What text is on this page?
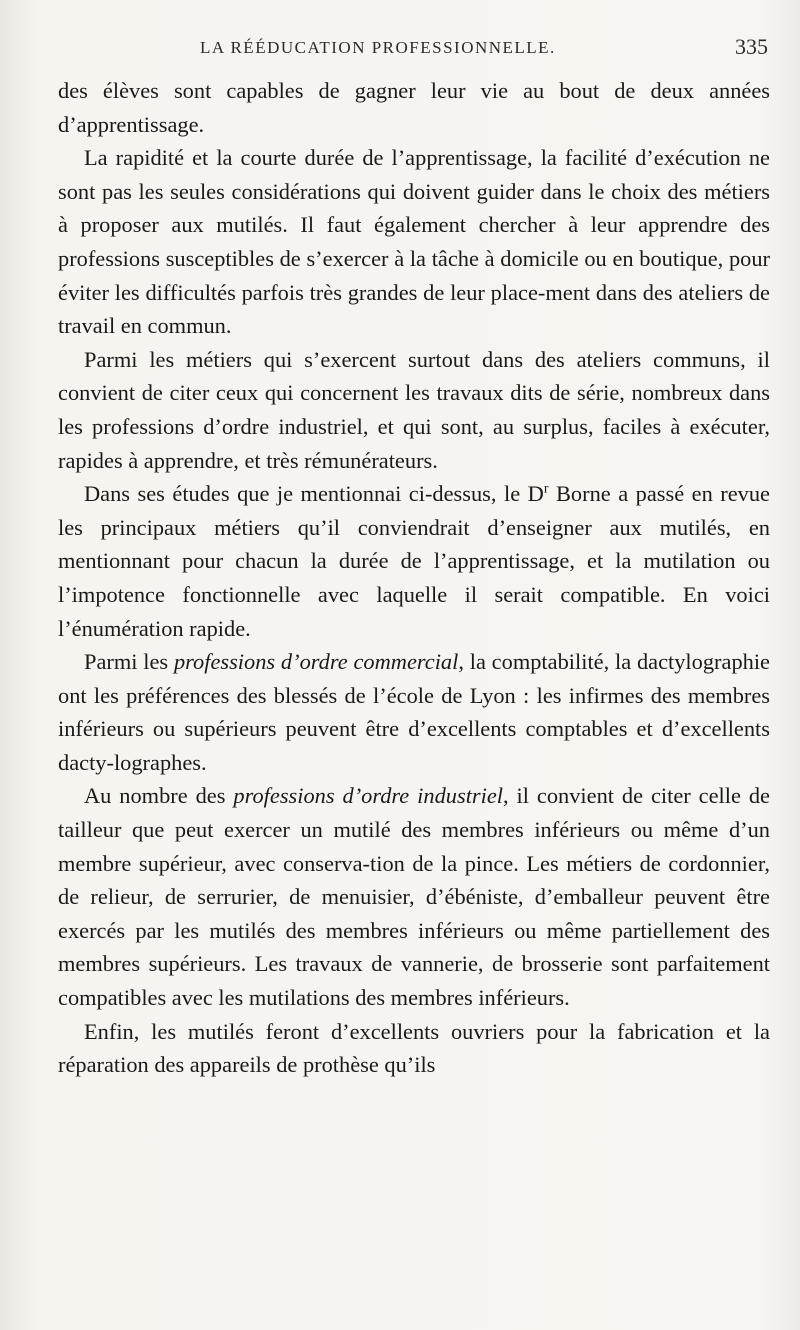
LA RÉÉDUCATION PROFESSIONNELLE.	335

des élèves sont capables de gagner leur vie au bout de deux années d’apprentissage.

La rapidité et la courte durée de l’apprentissage, la facilité d’exécution ne sont pas les seules considérations qui doivent guider dans le choix des métiers à proposer aux mutilés. Il faut également chercher à leur apprendre des professions susceptibles de s’exercer à la tâche à domicile ou en boutique, pour éviter les difficultés parfois très grandes de leur place-ment dans des ateliers de travail en commun.

Parmi les métiers qui s’exercent surtout dans des ateliers communs, il convient de citer ceux qui concernent les travaux dits de série, nombreux dans les professions d’ordre industriel, et qui sont, au surplus, faciles à exécuter, rapides à apprendre, et très rémunérateurs.

Dans ses études que je mentionnai ci-dessus, le $D^r$ Borne a passé en revue les principaux métiers qu’il conviendrait d’enseigner aux mutilés, en mentionnant pour chacun la durée de l’apprentissage, et la mutilation ou l’impotence fonctionnelle avec laquelle il serait compatible. En voici l’énumération rapide.

Parmi les professions d’ordre commercial, la comptabilité, la dactylographie ont les préférences des blessés de l’école de Lyon : les infirmes des membres inférieurs ou supérieurs peuvent être d’excellents comptables et d’excellents dacty-lographes.

Au nombre des professions d’ordre industriel, il convient de citer celle de tailleur que peut exercer un mutilé des membres inférieurs ou même d’un membre supérieur, avec conserva-tion de la pince. Les métiers de cordonnier, de relieur, de serrurier, de menuisier, d’ébéniste, d’emballeur peuvent être exercés par les mutilés des membres inférieurs ou même partiellement des membres supérieurs. Les travaux de vannerie, de brosserie sont parfaitement compatibles avec les mutilations des membres inférieurs.

Enfin, les mutilés feront d’excellents ouvriers pour la fabrication et la réparation des appareils de prothèse qu’ils
